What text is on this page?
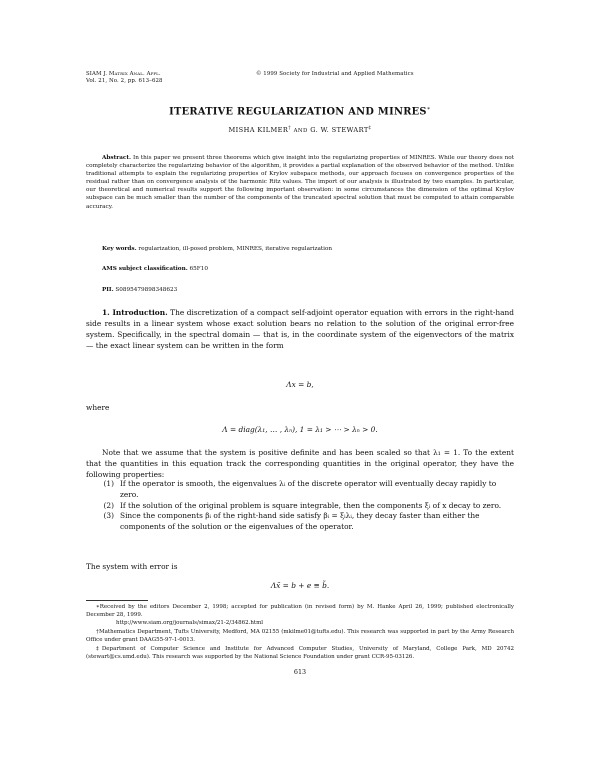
SIAM J. Matrix Anal. Appl.
Vol. 21, No. 2, pp. 613–628
© 1999 Society for Industrial and Applied Mathematics
ITERATIVE REGULARIZATION AND MINRES∗
MISHA KILMER† AND G. W. STEWART‡

Abstract. In this paper we present three theorems which give insight into the regularizing properties of MINRES. While our theory does not completely characterize the regularizing behavior of the algorithm, it provides a partial explanation of the observed behavior of the method. Unlike traditional attempts to explain the regularizing properties of Krylov subspace methods, our approach focuses on convergence properties of the residual rather than on convergence analysis of the harmonic Ritz values. The import of our analysis is illustrated by two examples. In particular, our theoretical and numerical results support the following important observation: in some circumstances the dimension of the optimal Krylov subspace can be much smaller than the number of the components of the truncated spectral solution that must be computed to attain comparable accuracy.

Key words. regularization, ill-posed problem, MINRES, iterative regularization

AMS subject classification. 65F10

PII. S0895479898348623

1. Introduction. The discretization of a compact self-adjoint operator equation with errors in the right-hand side results in a linear system whose exact solution bears no relation to the solution of the original error-free system. Specifically, in the spectral domain — that is, in the coordinate system of the eigenvectors of the matrix — the exact linear system can be written in the form

Λx = b,

where

Λ = diag(λ₁, … , λₙ), 1 = λ₁ > ⋯ > λₙ > 0.

Note that we assume that the system is positive definite and has been scaled so that λ₁ = 1. To the extent that the quantities in this equation track the corresponding quantities in the original operator, they have the following properties:

(1) If the operator is smooth, the eigenvalues λᵢ of the discrete operator will eventually decay rapidly to zero.
(2) If the solution of the original problem is square integrable, then the components ξᵢ of x decay to zero.
(3) Since the components βᵢ of the right-hand side satisfy βᵢ = ξᵢλᵢ, they decay faster than either the components of the solution or the eigenvalues of the operator.

The system with error is

Λx̃ = b + e ≡ b̃.

∗Received by the editors December 2, 1998; accepted for publication (in revised form) by M. Hanke April 26, 1999; published electronically December 28, 1999.
http://www.siam.org/journals/simax/21-2/34862.html

†Mathematics Department, Tufts University, Medford, MA 02155 (mkilme01@tufts.edu). This research was supported in part by the Army Research Office under grant DAAG55-97-1-0013.

‡Department of Computer Science and Institute for Advanced Computer Studies, University of Maryland, College Park, MD 20742 (stewart@cs.umd.edu). This research was supported by the National Science Foundation under grant CCR-95-03126.

613
